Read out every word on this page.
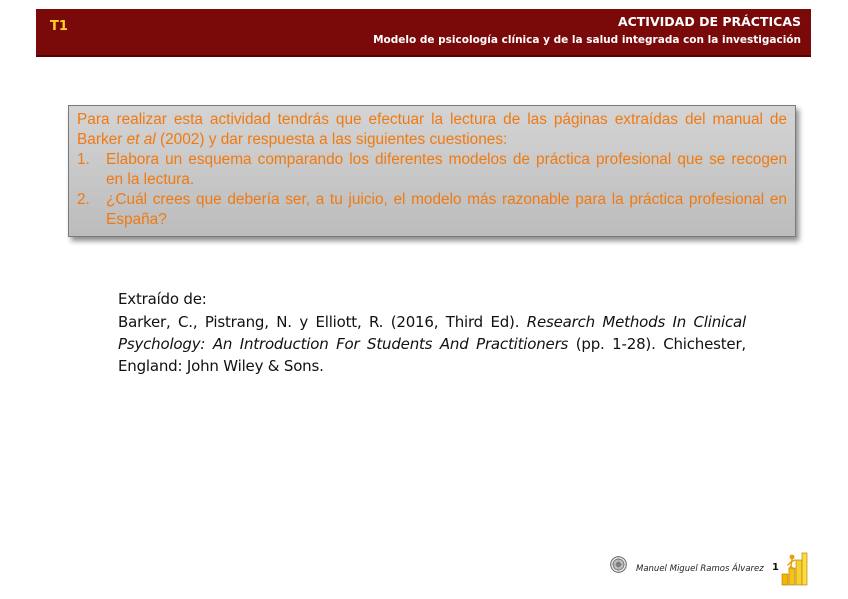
T1	ACTIVIDAD DE PRÁCTICAS
Modelo de psicología clínica y de la salud integrada con la investigación

Para realizar esta actividad tendrás que efectuar la lectura de las páginas extraídas del manual de Barker et al (2002) y dar respuesta a las siguientes cuestiones:

1. Elabora un esquema comparando los diferentes modelos de práctica profesional que se recogen en la lectura.
2. ¿Cuál crees que debería ser, a tu juicio, el modelo más razonable para la práctica profesional en España?

Extraído de:

Barker, C., Pistrang, N. y Elliott, R. (2016, Third Ed). Research Methods In Clinical Psychology: An Introduction For Students And Practitioners (pp. 1-28). Chichester, England: John Wiley & Sons.

Manuel Miguel Ramos Álvarez 1
